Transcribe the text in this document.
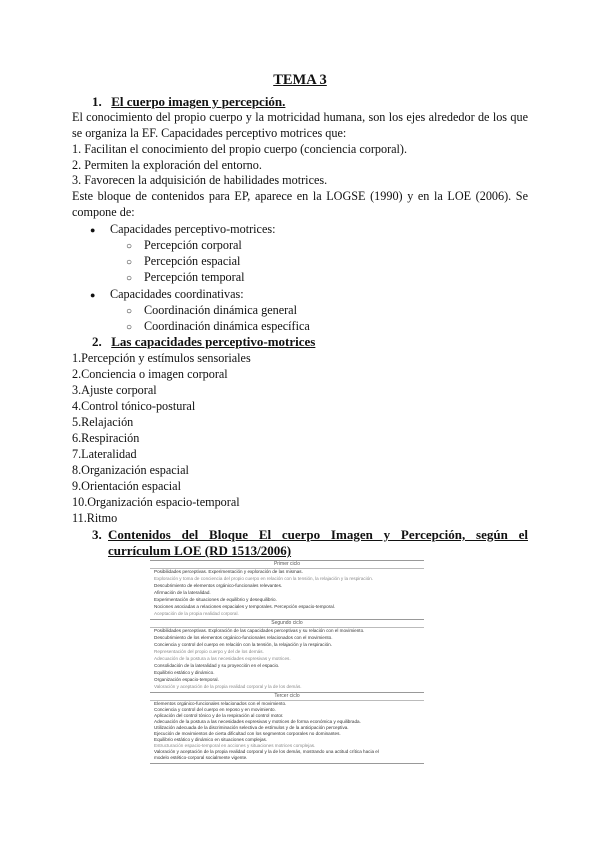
TEMA 3
1. El cuerpo imagen y percepción.
El conocimiento del propio cuerpo y la motricidad humana, son los ejes alrededor de los que
se organiza la EF. Capacidades perceptivo motrices que:
1. Facilitan el conocimiento del propio cuerpo (conciencia corporal).
2. Permiten la exploración del entorno.
3. Favorecen la adquisición de habilidades motrices.
Este bloque de contenidos para EP, aparece en la LOGSE (1990) y en la LOE (2006). Se
compone de:
● Capacidades perceptivo-motrices:
○ Percepción corporal
○ Percepción espacial
○ Percepción temporal
● Capacidades coordinativas:
○ Coordinación dinámica general
○ Coordinación dinámica específica
2. Las capacidades perceptivo-motrices
1.Percepción y estímulos sensoriales
2.Conciencia o imagen corporal
3.Ajuste corporal
4.Control tónico-postural
5.Relajación
6.Respiración
7.Lateralidad
8.Organización espacial
9.Orientación espacial
10.Organización espacio-temporal
11.Ritmo
3. Contenidos del Bloque El cuerpo Imagen y Percepción, según el
currículum LOE (RD 1513/2006)
Primer ciclo
Posibilidades perceptivas. Experimentación y exploración de las mismas.
Exploración y toma de conciencia del propio cuerpo en relación con la tensión, la relajación y la respiración.
Descubrimiento de elementos orgánico-funcionales relevantes.
Afirmación de la lateralidad.
Experimentación de situaciones de equilibrio y desequilibrio.
Nociones asociadas a relaciones espaciales y temporales. Percepción espacio-temporal.
Aceptación de la propia realidad corporal.
Segundo ciclo
Posibilidades perceptivas. Exploración de las capacidades perceptivas y su relación con el movimiento.
Descubrimiento de los elementos orgánico-funcionales relacionados con el movimiento.
Conciencia y control del cuerpo en relación con la tensión, la relajación y la respiración.
Representación del propio cuerpo y del de los demás.
Adecuación de la postura a las necesidades expresivas y motrices.
Consolidación de la lateralidad y su proyección en el espacio.
Equilibrio estático y dinámico.
Organización espacio-temporal.
Valoración y aceptación de la propia realidad corporal y la de los demás.
Tercer ciclo
Elementos orgánico-funcionales relacionados con el movimiento.
Conciencia y control del cuerpo en reposo y en movimiento.
Aplicación del control tónico y de la respiración al control motor.
Adecuación de la postura a las necesidades expresivas y motrices de forma económica y equilibrada.
Utilización adecuada de la discriminación selectiva de estímulos y de la anticipación perceptiva.
Ejecución de movimientos de cierta dificultad con los segmentos corporales no dominantes.
Equilibrio estático y dinámico en situaciones complejas.
Estructuración espacio-temporal en acciones y situaciones motrices complejas.
Valoración y aceptación de la propia realidad corporal y la de los demás, mostrando una actitud crítica hacia el
modelo estético-corporal socialmente vigente.
